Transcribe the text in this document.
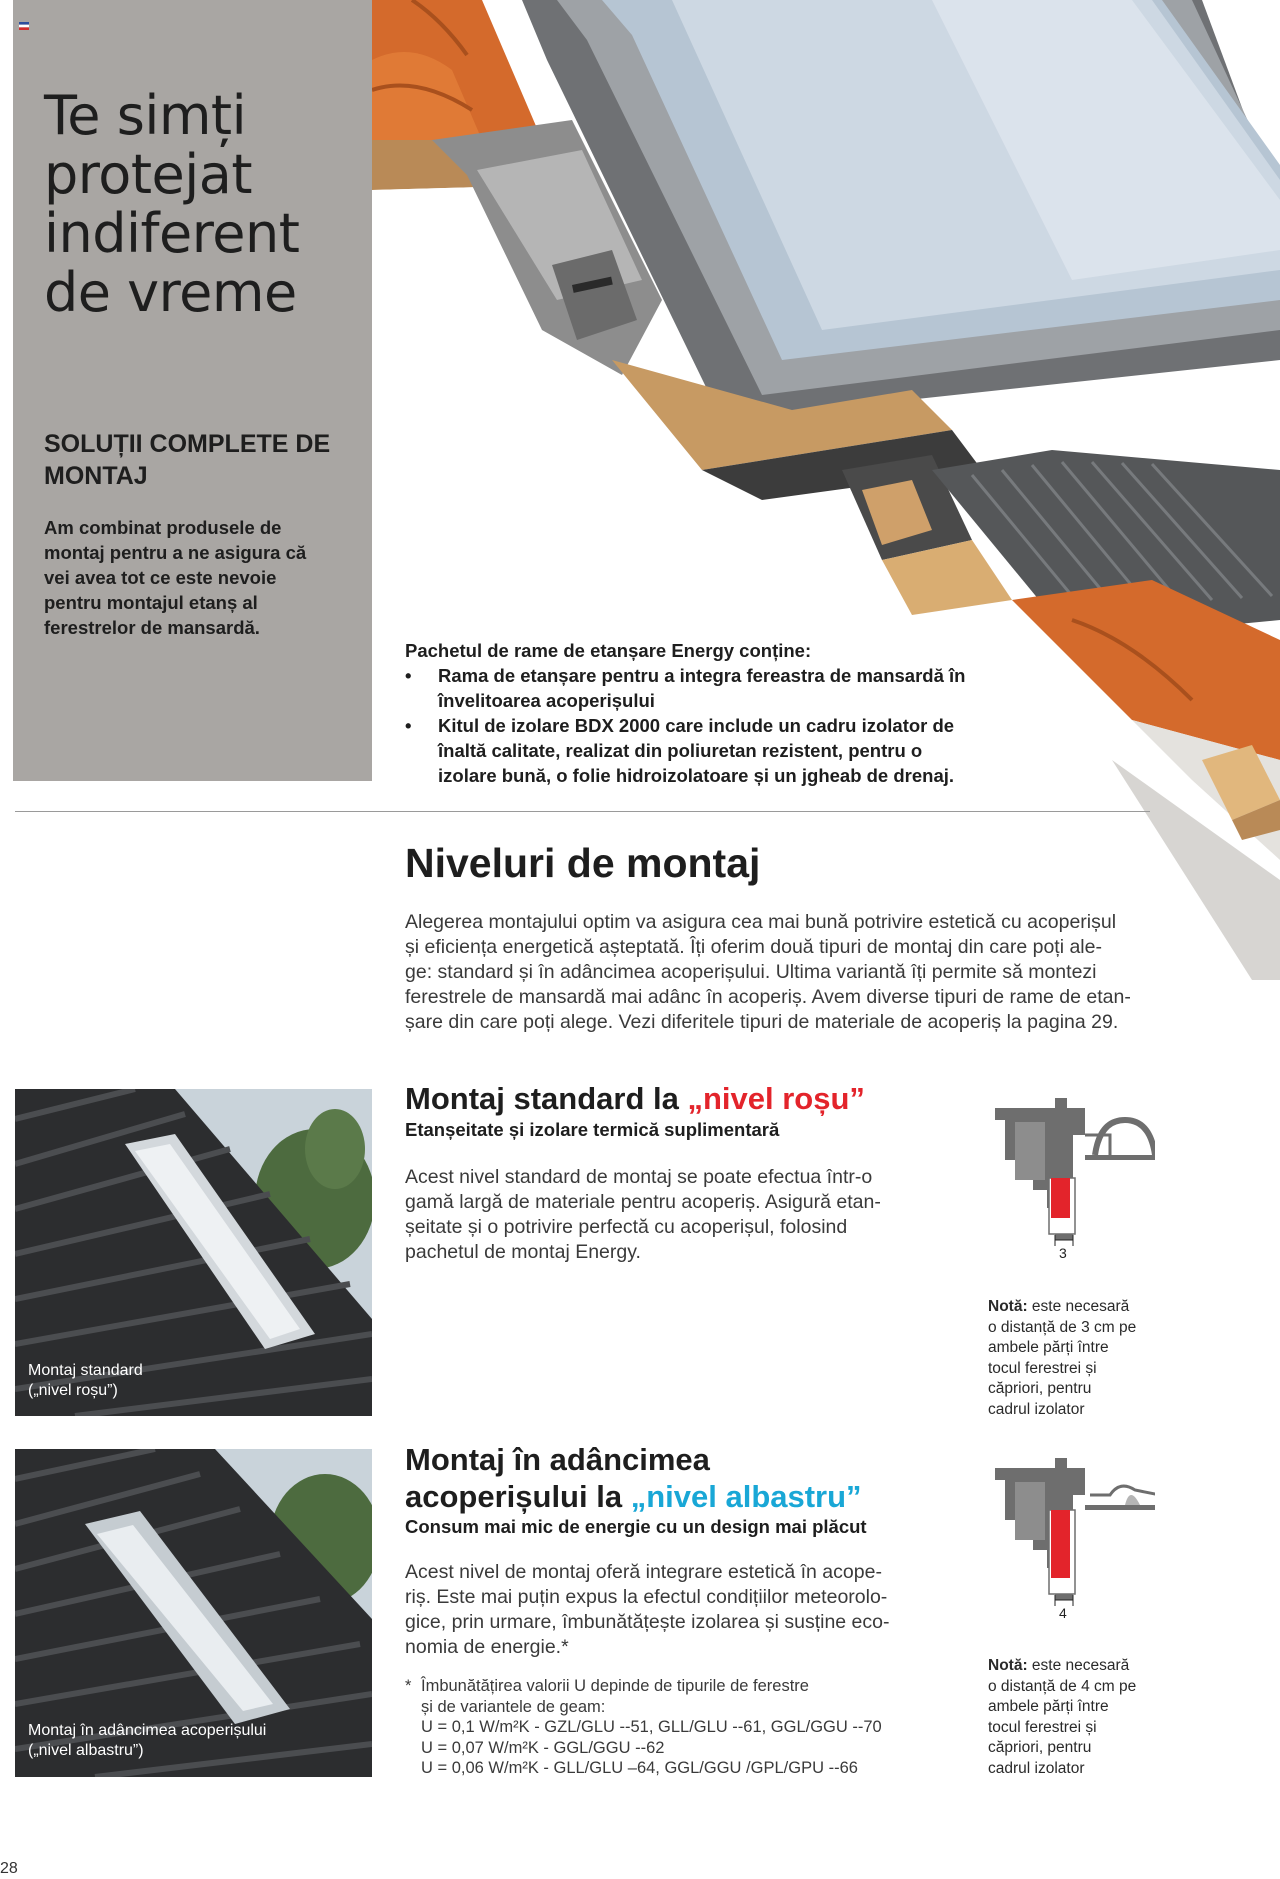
Te simți
protejat
indiferent
de vreme
SOLUȚII COMPLETE DE
MONTAJ
Am combinat produsele de
montaj pentru a ne asigura că
vei avea tot ce este nevoie
pentru montajul etanș al
ferestrelor de mansardă.
Pachetul de rame de etanșare Energy conține:
• Rama de etanșare pentru a integra fereastra de mansardă în
învelitoarea acoperișului
• Kitul de izolare BDX 2000 care include un cadru izolator de
înaltă calitate, realizat din poliuretan rezistent, pentru o
izolare bună, o folie hidroizolatoare și un jgheab de drenaj.
Niveluri de montaj
Alegerea montajului optim va asigura cea mai bună potrivire estetică cu acoperișul
și eficiența energetică așteptată. Îți oferim două tipuri de montaj din care poți ale-
ge: standard și în adâncimea acoperișului. Ultima variantă îți permite să montezi
ferestrele de mansardă mai adânc în acoperiș. Avem diverse tipuri de rame de etan-
șare din care poți alege. Vezi diferitele tipuri de materiale de acoperiș la pagina 29.
Montaj standard
(„nivel roșu”)
Montaj standard la „nivel roșu”
Etanșeitate și izolare termică suplimentară
Acest nivel standard de montaj se poate efectua într-o
gamă largă de materiale pentru acoperiș. Asigură etan-
șeitate și o potrivire perfectă cu acoperișul, folosind
pachetul de montaj Energy.	3
Notă: este necesară
o distanță de 3 cm pe
ambele părți între
tocul ferestrei și
căpriori, pentru
cadrul izolator
Montaj în adâncimea acoperișului
(„nivel albastru”)
Montaj în adâncimea
acoperișului la „nivel albastru”
Consum mai mic de energie cu un design mai plăcut
Acest nivel de montaj oferă integrare estetică în acope-
riș. Este mai puțin expus la efectul condițiilor meteorolo-
gice, prin urmare, îmbunătățește izolarea și susține eco-
nomia de energie.*
4
Notă: este necesară
o distanță de 4 cm pe
ambele părți între
tocul ferestrei și
căpriori, pentru
cadrul izolator
* Îmbunătățirea valorii U depinde de tipurile de ferestre
și de variantele de geam:
U = 0,1 W/m²K - GZL/GLU --51, GLL/GLU --61, GGL/GGU --70
U = 0,07 W/m²K - GGL/GGU --62
U = 0,06 W/m²K - GLL/GLU –64, GGL/GGU /GPL/GPU --66
28
